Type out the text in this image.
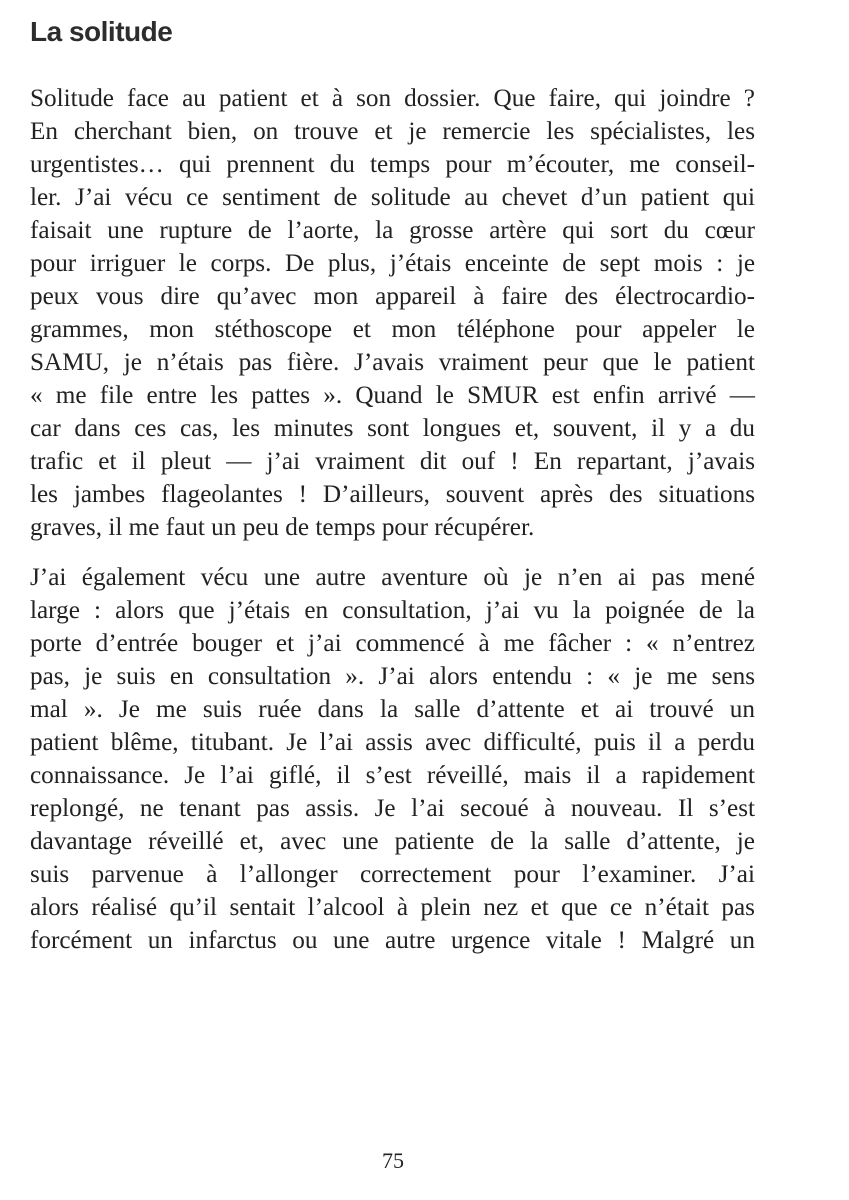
La solitude

Solitude face au patient et à son dossier. Que faire, qui joindre ?

En cherchant bien, on trouve et je remercie les spécialistes, les

urgentistes… qui prennent du temps pour m’écouter, me conseil-

ler. J’ai vécu ce sentiment de solitude au chevet d’un patient qui

faisait une rupture de l’aorte, la grosse artère qui sort du cœur

pour irriguer le corps. De plus, j’étais enceinte de sept mois : je

peux vous dire qu’avec mon appareil à faire des électrocardio-

grammes, mon stéthoscope et mon téléphone pour appeler le

SAMU, je n’étais pas fière. J’avais vraiment peur que le patient

« me file entre les pattes ». Quand le SMUR est enfin arrivé —

car dans ces cas, les minutes sont longues et, souvent, il y a du

trafic et il pleut — j’ai vraiment dit ouf ! En repartant, j’avais

les jambes flageolantes ! D’ailleurs, souvent après des situations

graves, il me faut un peu de temps pour récupérer.

J’ai également vécu une autre aventure où je n’en ai pas mené

large : alors que j’étais en consultation, j’ai vu la poignée de la

porte d’entrée bouger et j’ai commencé à me fâcher : « n’entrez

pas, je suis en consultation ». J’ai alors entendu : « je me sens

mal ». Je me suis ruée dans la salle d’attente et ai trouvé un

patient blême, titubant. Je l’ai assis avec difficulté, puis il a perdu

connaissance. Je l’ai giflé, il s’est réveillé, mais il a rapidement

replongé, ne tenant pas assis. Je l’ai secoué à nouveau. Il s’est

davantage réveillé et, avec une patiente de la salle d’attente, je

suis parvenue à l’allonger correctement pour l’examiner. J’ai

alors réalisé qu’il sentait l’alcool à plein nez et que ce n’était pas

forcément un infarctus ou une autre urgence vitale ! Malgré un

75
